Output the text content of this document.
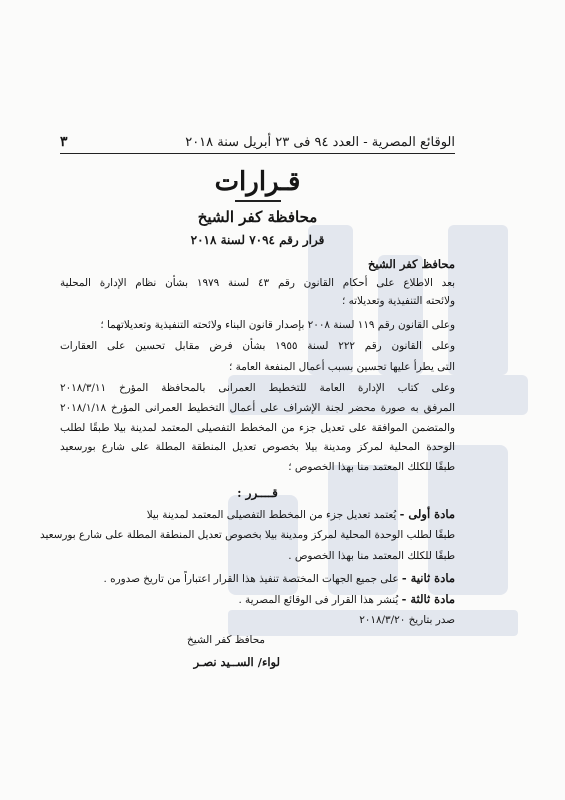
الوقائع المصرية - العدد ٩٤ فى ٢٣ أبريل سنة ٢٠١٨
٣
قـرارات
محافظة كفر الشيخ
قرار رقم ٧٠٩٤ لسنة ٢٠١٨
محافظ كفر الشيخ
بعد الاطلاع على أحكام القانون رقم ٤٣ لسنة ١٩٧٩ بشأن نظام الإدارة المحلية
ولائحته التنفيذية وتعديلاته ؛
وعلى القانون رقم ١١٩ لسنة ٢٠٠٨ بإصدار قانون البناء ولائحته التنفيذية وتعديلاتهما ؛
وعلى القانون رقم ٢٢٢ لسنة ١٩٥٥ بشأن فرض مقابل تحسين على العقارات
التى يطرأ عليها تحسين بسبب أعمال المنفعة العامة ؛
وعلى كتاب الإدارة العامة للتخطيط العمرانى بالمحافظة المؤرخ ٢٠١٨/٣/١١
المرفق به صورة محضر لجنة الإشراف على أعمال التخطيط العمرانى المؤرخ ٢٠١٨/١/١٨
والمتضمن الموافقة على تعديل جزء من المخطط التفصيلى المعتمد لمدينة بيلا طبقًا لطلب
الوحدة المحلية لمركز ومدينة بيلا بخصوص تعديل المنطقة المطلة على شارع بورسعيد
طبقًا للكلك المعتمد منا بهذا الخصوص ؛
قــــرر :
مادة أولى - يُعتمد تعديل جزء من المخطط التفصيلى المعتمد لمدينة بيلا
طبقًا لطلب الوحدة المحلية لمركز ومدينة بيلا بخصوص تعديل المنطقة المطلة على شارع بورسعيد
طبقًا للكلك المعتمد منا بهذا الخصوص .
مادة ثانية - على جميع الجهات المختصة تنفيذ هذا القرار اعتباراً من تاريخ صدوره .
مادة ثالثة - يُنشر هذا القرار فى الوقائع المصرية .
صدر بتاريخ ٢٠١٨/٣/٢٠
محافظ كفر الشيخ
لواء/ الســيد نصـر
